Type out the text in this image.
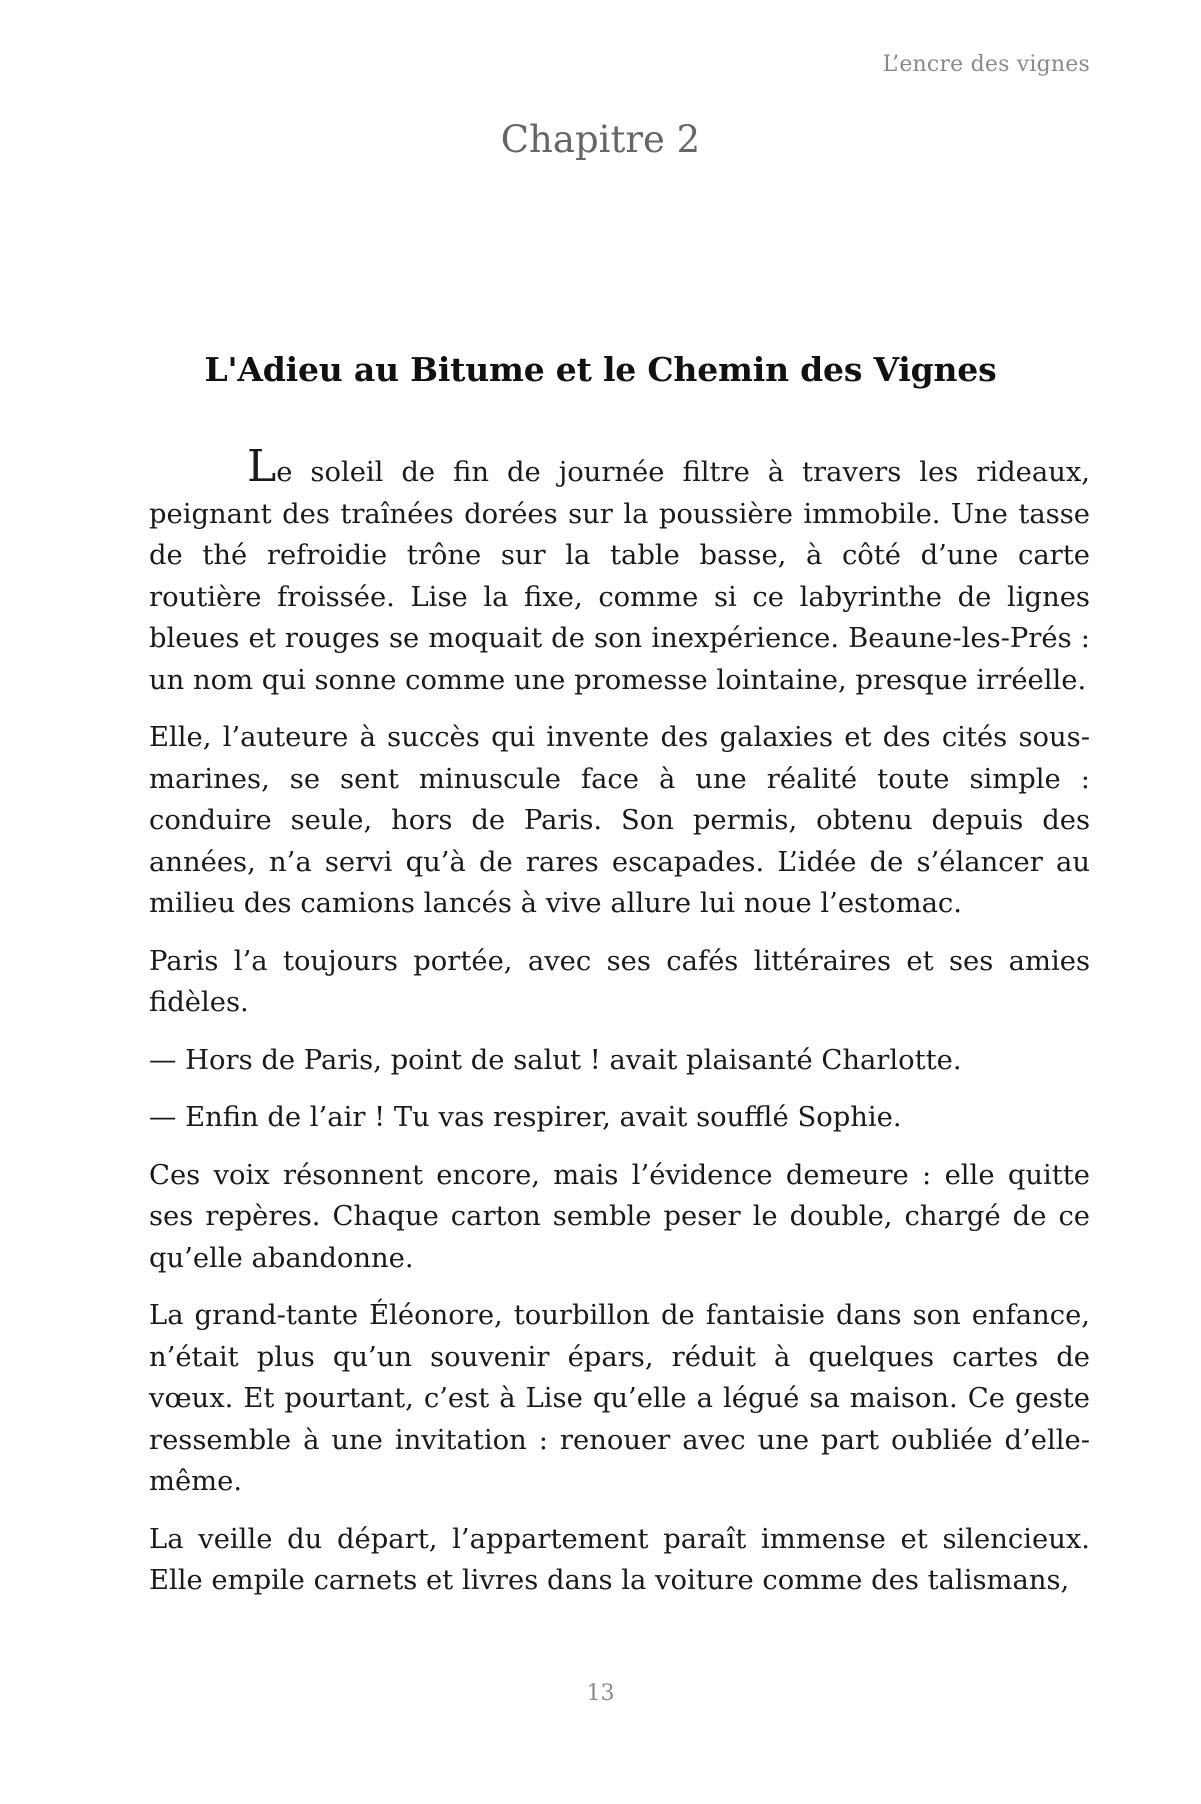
L’encre des vignes
Chapitre 2
L'Adieu au Bitume et le Chemin des Vignes

Le soleil de fin de journée filtre à travers les rideaux, peignant des traînées dorées sur la poussière immobile. Une tasse de thé refroidie trône sur la table basse, à côté d’une carte routière froissée. Lise la fixe, comme si ce labyrinthe de lignes bleues et rouges se moquait de son inexpérience. Beaune-les-Prés : un nom qui sonne comme une promesse lointaine, presque irréelle.

Elle, l’auteure à succès qui invente des galaxies et des cités sous-marines, se sent minuscule face à une réalité toute simple : conduire seule, hors de Paris. Son permis, obtenu depuis des années, n’a servi qu’à de rares escapades. L’idée de s’élancer au milieu des camions lancés à vive allure lui noue l’estomac.

Paris l’a toujours portée, avec ses cafés littéraires et ses amies fidèles.

— Hors de Paris, point de salut ! avait plaisanté Charlotte.

— Enfin de l’air ! Tu vas respirer, avait soufflé Sophie.

Ces voix résonnent encore, mais l’évidence demeure : elle quitte ses repères. Chaque carton semble peser le double, chargé de ce qu’elle abandonne.

La grand-tante Éléonore, tourbillon de fantaisie dans son enfance, n’était plus qu’un souvenir épars, réduit à quelques cartes de vœux. Et pourtant, c’est à Lise qu’elle a légué sa maison. Ce geste ressemble à une invitation : renouer avec une part oubliée d’elle-même.

La veille du départ, l’appartement paraît immense et silencieux. Elle empile carnets et livres dans la voiture comme des talismans,

13
